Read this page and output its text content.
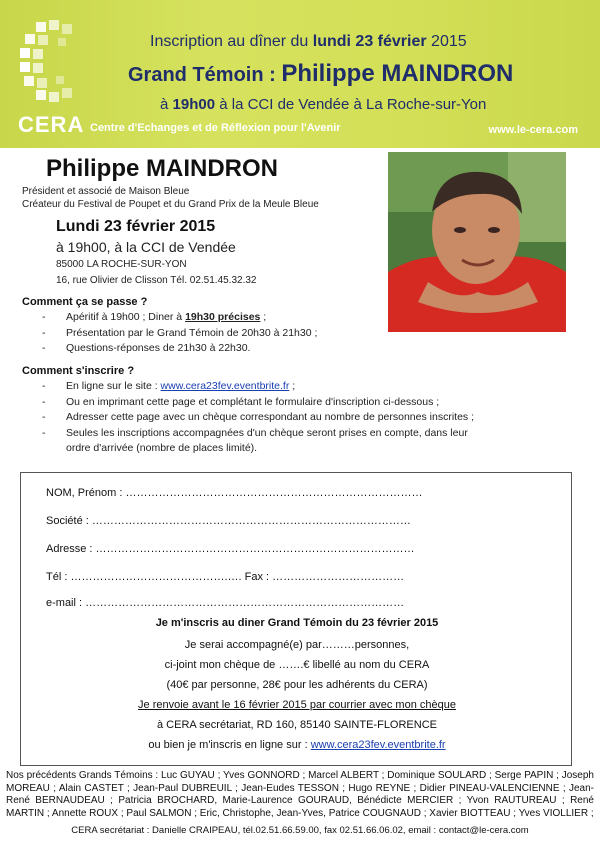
CERA Centre d'Echanges et de Réflexion pour l'Avenir
Inscription au dîner du lundi 23 février 2015
Grand Témoin : Philippe MAINDRON
à 19h00 à la CCI de Vendée à La Roche-sur-Yon
www.le-cera.com
Philippe MAINDRON
Président et associé de Maison Bleue
Créateur du Festival de Poupet et du Grand Prix de la Meule Bleue
Lundi 23 février 2015
à 19h00, à la CCI de Vendée
85000 LA ROCHE-SUR-YON
16, rue Olivier de Clisson Tél. 02.51.45.32.32
Comment ça se passe ?
- Apéritif à 19h00 ; Diner à 19h30 précises ;
- Présentation par le Grand Témoin de 20h30 à 21h30 ;
- Questions-réponses de 21h30 à 22h30.
Comment s'inscrire ?
- En ligne sur le site : www.cera23fev.eventbrite.fr ;
- Ou en imprimant cette page et complétant le formulaire d'inscription ci-dessous ;
- Adresser cette page avec un chèque correspondant au nombre de personnes inscrites ;
- Seules les inscriptions accompagnées d'un chèque seront prises en compte, dans leur
ordre d'arrivée (nombre de places limité).
NOM, Prénom : ………………………………………………………………………
Société : ……………………………………………………………………………
Adresse : ……………………………………………………………………………
Tél : …………………………………….…. Fax : ………………………………
e-mail : ……………………………………………………………………………
Je m'inscris au diner Grand Témoin du 23 février 2015
Je serai accompagné(e) par………personnes,
ci-joint mon chèque de …….€ libellé au nom du CERA
(40€ par personne, 28€ pour les adhérents du CERA)
Je renvoie avant le 16 février 2015 par courrier avec mon chèque
à CERA secrétariat, RD 160, 85140 SAINTE-FLORENCE
ou bien je m'inscris en ligne sur : www.cera23fev.eventbrite.fr
Nos précédents Grands Témoins : Luc GUYAU ; Yves GONNORD ; Marcel ALBERT ; Dominique SOULARD ; Serge PAPIN ; Joseph MOREAU ; Alain CASTET ; Jean-Paul DUBREUIL ; Jean-Eudes TESSON ; Hugo REYNE ; Didier PINEAU-VALENCIENNE ; Jean-René BERNAUDEAU ; Patricia BROCHARD, Marie-Laurence GOURAUD, Bénédicte MERCIER ; Yvon RAUTUREAU ; René MARTIN ; Annette ROUX ; Paul SALMON ; Eric, Christophe, Jean-Yves, Patrice COUGNAUD ; Xavier BIOTTEAU ; Yves VIOLLIER ;
CERA secrétariat : Danielle CRAIPEAU, tél.02.51.66.59.00, fax 02.51.66.06.02, email : contact@le-cera.com
